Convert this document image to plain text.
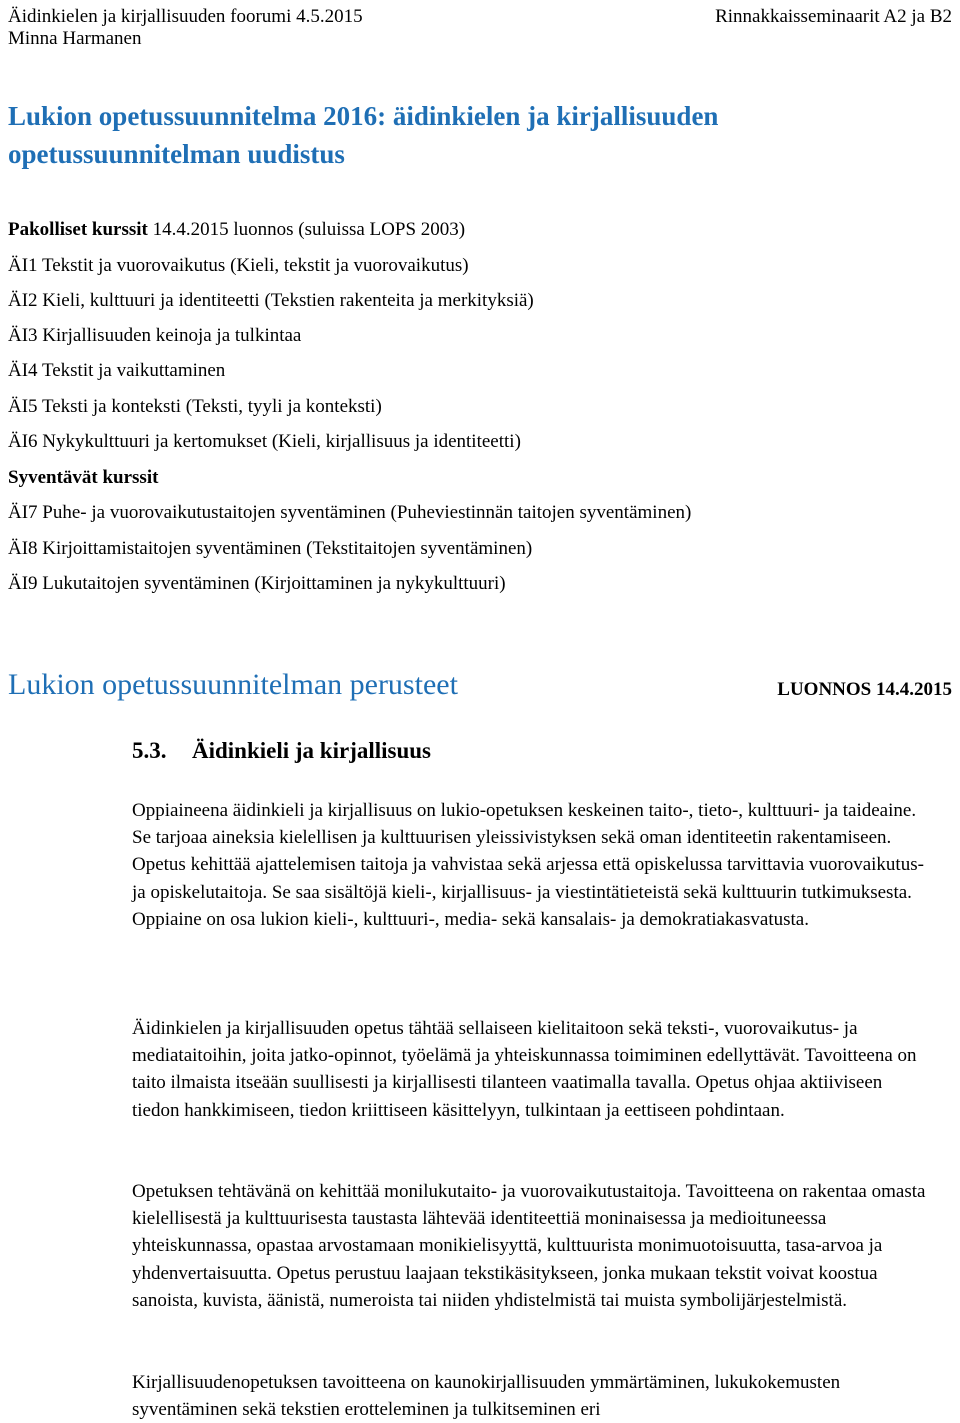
Äidinkielen ja kirjallisuuden foorumi 4.5.2015
Minna Harmanen
Rinnakkaisseminaarit A2 ja B2
Lukion opetussuunnitelma 2016: äidinkielen ja kirjallisuuden opetussuunnitelman uudistus
Pakolliset kurssit 14.4.2015 luonnos (suluissa LOPS 2003)
ÄI1 Tekstit ja vuorovaikutus (Kieli, tekstit ja vuorovaikutus)
ÄI2 Kieli, kulttuuri ja identiteetti (Tekstien rakenteita ja merkityksiä)
ÄI3 Kirjallisuuden keinoja ja tulkintaa
ÄI4 Tekstit ja vaikuttaminen
ÄI5 Teksti ja konteksti (Teksti, tyyli ja konteksti)
ÄI6 Nykykulttuuri ja kertomukset (Kieli, kirjallisuus ja identiteetti)
Syventävät kurssit
ÄI7 Puhe- ja vuorovaikutustaitojen syventäminen (Puheviestinnän taitojen syventäminen)
ÄI8 Kirjoittamistaitojen syventäminen (Tekstitaitojen syventäminen)
ÄI9 Lukutaitojen syventäminen (Kirjoittaminen ja nykykulttuuri)
Lukion opetussuunnitelman perusteet	LUONNOS 14.4.2015
5.3. Äidinkieli ja kirjallisuus
Oppiaineena äidinkieli ja kirjallisuus on lukio-opetuksen keskeinen taito-, tieto-, kulttuuri- ja taideaine. Se tarjoaa aineksia kielellisen ja kulttuurisen yleissivistyksen sekä oman identiteetin rakentamiseen. Opetus kehittää ajattelemisen taitoja ja vahvistaa sekä arjessa että opiskelussa tarvittavia vuorovaikutus- ja opiskelutaitoja. Se saa sisältöjä kieli-, kirjallisuus- ja viestintätieteistä sekä kulttuurin tutkimuksesta. Oppiaine on osa lukion kieli-, kulttuuri-, media- sekä kansalais- ja demokratiakasvatusta.
Äidinkielen ja kirjallisuuden opetus tähtää sellaiseen kielitaitoon sekä teksti-, vuorovaikutus- ja mediataitoihin, joita jatko-opinnot, työelämä ja yhteiskunnassa toimiminen edellyttävät. Tavoitteena on taito ilmaista itseään suullisesti ja kirjallisesti tilanteen vaatimalla tavalla. Opetus ohjaa aktiiviseen tiedon hankkimiseen, tiedon kriittiseen käsittelyyn, tulkintaan ja eettiseen pohdintaan.
Opetuksen tehtävänä on kehittää monilukutaito- ja vuorovaikutustaitoja. Tavoitteena on rakentaa omasta kielellisestä ja kulttuurisesta taustasta lähtevää identiteettiä moninaisessa ja medioituneessa yhteiskunnassa, opastaa arvostamaan monikielisyyttä, kulttuurista monimuotoisuutta, tasa-arvoa ja yhdenvertaisuutta. Opetus perustuu laajaan tekstikäsitykseen, jonka mukaan tekstit voivat koostua sanoista, kuvista, äänistä, numeroista tai niiden yhdistelmistä tai muista symbolijärjestelmistä.
Kirjallisuudenopetuksen tavoitteena on kaunokirjallisuuden ymmärtäminen, lukukokemusten syventäminen sekä tekstien erotteleminen ja tulkitseminen eri
